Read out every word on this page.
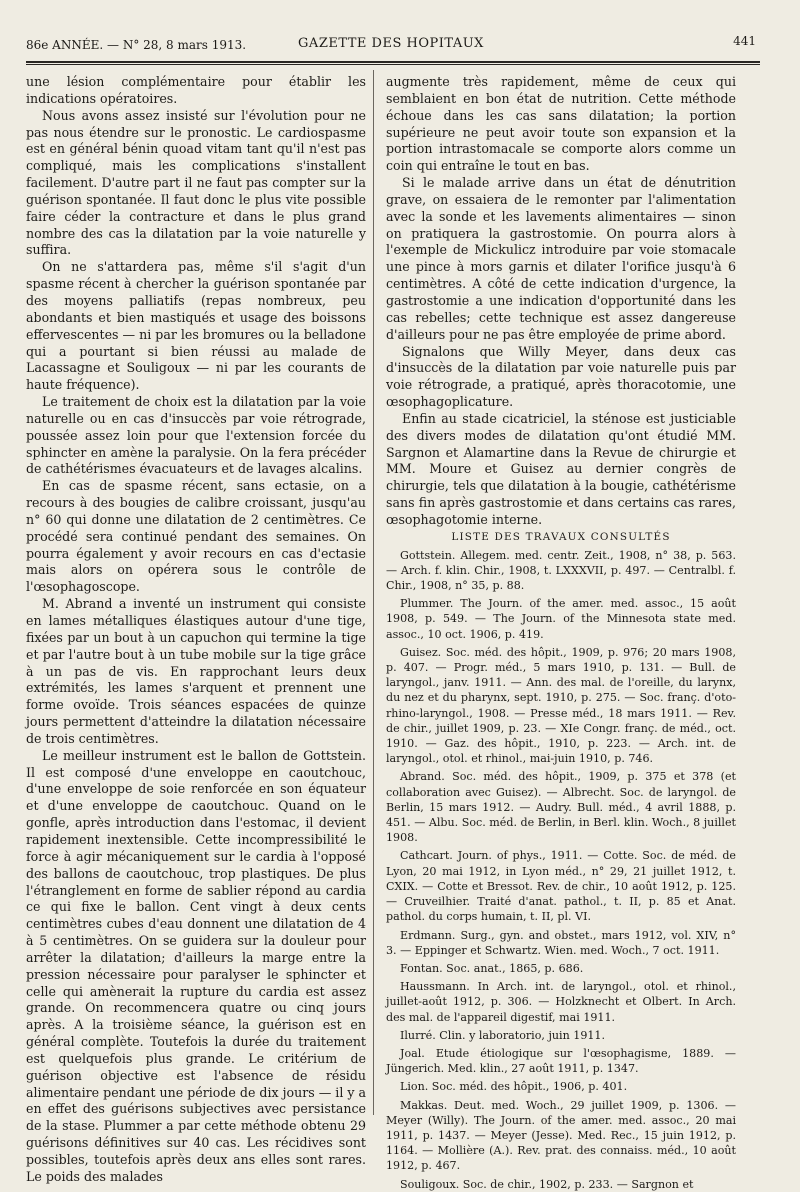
86e ANNÉE. — N° 28, 8 mars 1913.	GAZETTE DES HOPITAUX	441

une lésion complémentaire pour établir les indications opératoires.

Nous avons assez insisté sur l'évolution pour ne pas nous étendre sur le pronostic. Le cardiospasme est en général bénin quoad vitam tant qu'il n'est pas compliqué, mais les complications s'installent facilement. D'autre part il ne faut pas compter sur la guérison spontanée. Il faut donc le plus vite possible faire céder la contracture et dans le plus grand nombre des cas la dilatation par la voie naturelle y suffira.

On ne s'attardera pas, même s'il s'agit d'un spasme récent à chercher la guérison spontanée par des moyens palliatifs (repas nombreux, peu abondants et bien mastiqués et usage des boissons effervescentes — ni par les bromures ou la belladone qui a pourtant si bien réussi au malade de Lacassagne et Souligoux — ni par les courants de haute fréquence).

Le traitement de choix est la dilatation par la voie naturelle ou en cas d'insuccès par voie rétrograde, poussée assez loin pour que l'extension forcée du sphincter en amène la paralysie. On la fera précéder de cathétérismes évacuateurs et de lavages alcalins.

En cas de spasme récent, sans ectasie, on a recours à des bougies de calibre croissant, jusqu'au n° 60 qui donne une dilatation de 2 centimètres. Ce procédé sera continué pendant des semaines. On pourra également y avoir recours en cas d'ectasie mais alors on opérera sous le contrôle de l'œsophagoscope.

M. Abrand a inventé un instrument qui consiste en lames métalliques élastiques autour d'une tige, fixées par un bout à un capuchon qui termine la tige et par l'autre bout à un tube mobile sur la tige grâce à un pas de vis. En rapprochant leurs deux extrémités, les lames s'arquent et prennent une forme ovoïde. Trois séances espacées de quinze jours permettent d'atteindre la dilatation nécessaire de trois centimètres.

Le meilleur instrument est le ballon de Gottstein. Il est composé d'une enveloppe en caoutchouc, d'une enveloppe de soie renforcée en son équateur et d'une enveloppe de caoutchouc. Quand on le gonfle, après introduction dans l'estomac, il devient rapidement inextensible. Cette incompressibilité le force à agir mécaniquement sur le cardia à l'opposé des ballons de caoutchouc, trop plastiques. De plus l'étranglement en forme de sablier répond au cardia ce qui fixe le ballon. Cent vingt à deux cents centimètres cubes d'eau donnent une dilatation de 4 à 5 centimètres. On se guidera sur la douleur pour arrêter la dilatation; d'ailleurs la marge entre la pression nécessaire pour paralyser le sphincter et celle qui amènerait la rupture du cardia est assez grande. On recommencera quatre ou cinq jours après. A la troisième séance, la guérison est en général complète. Toutefois la durée du traitement est quelquefois plus grande. Le critérium de guérison objective est l'absence de résidu alimentaire pendant une période de dix jours — il y a en effet des guérisons subjectives avec persistance de la stase. Plummer a par cette méthode obtenu 29 guérisons définitives sur 40 cas. Les récidives sont possibles, toutefois après deux ans elles sont rares. Le poids des malades

augmente très rapidement, même de ceux qui semblaient en bon état de nutrition. Cette méthode échoue dans les cas sans dilatation; la portion supérieure ne peut avoir toute son expansion et la portion intrastomacale se comporte alors comme un coin qui entraîne le tout en bas.

Si le malade arrive dans un état de dénutrition grave, on essaiera de le remonter par l'alimentation avec la sonde et les lavements alimentaires — sinon on pratiquera la gastrostomie. On pourra alors à l'exemple de Mickulicz introduire par voie stomacale une pince à mors garnis et dilater l'orifice jusqu'à 6 centimètres. A côté de cette indication d'urgence, la gastrostomie a une indication d'opportunité dans les cas rebelles; cette technique est assez dangereuse d'ailleurs pour ne pas être employée de prime abord.

Signalons que Willy Meyer, dans deux cas d'insuccès de la dilatation par voie naturelle puis par voie rétrograde, a pratiqué, après thoracotomie, une œsophagoplicature.

Enfin au stade cicatriciel, la sténose est justiciable des divers modes de dilatation qu'ont étudié MM. Sargnon et Alamartine dans la Revue de chirurgie et MM. Moure et Guisez au dernier congrès de chirurgie, tels que dilatation à la bougie, cathétérisme sans fin après gastrostomie et dans certains cas rares, œsophagotomie interne.

LISTE DES TRAVAUX CONSULTÉS

Gottstein. Allegem. med. centr. Zeit., 1908, n° 38, p. 563. — Arch. f. klin. Chir., 1908, t. LXXXVII, p. 497. — Centralbl. f. Chir., 1908, n° 35, p. 88.

Plummer. The Journ. of the amer. med. assoc., 15 août 1908, p. 549. — The Journ. of the Minnesota state med. assoc., 10 oct. 1906, p. 419.

Guisez. Soc. méd. des hôpit., 1909, p. 976; 20 mars 1908, p. 407. — Progr. méd., 5 mars 1910, p. 131. — Bull. de laryngol., janv. 1911. — Ann. des mal. de l'oreille, du larynx, du nez et du pharynx, sept. 1910, p. 275. — Soc. franç. d'oto-rhino-laryngol., 1908. — Presse méd., 18 mars 1911. — Rev. de chir., juillet 1909, p. 23. — XIe Congr. franç. de méd., oct. 1910. — Gaz. des hôpit., 1910, p. 223. — Arch. int. de laryngol., otol. et rhinol., mai-juin 1910, p. 746.

Abrand. Soc. méd. des hôpit., 1909, p. 375 et 378 (et collaboration avec Guisez). — Albrecht. Soc. de laryngol. de Berlin, 15 mars 1912. — Audry. Bull. méd., 4 avril 1888, p. 451. — Albu. Soc. méd. de Berlin, in Berl. klin. Woch., 8 juillet 1908.

Cathcart. Journ. of phys., 1911. — Cotte. Soc. de méd. de Lyon, 20 mai 1912, in Lyon méd., n° 29, 21 juillet 1912, t. CXIX. — Cotte et Bressot. Rev. de chir., 10 août 1912, p. 125. — Cruveilhier. Traité d'anat. pathol., t. II, p. 85 et Anat. pathol. du corps humain, t. II, pl. VI.

Erdmann. Surg., gyn. and obstet., mars 1912, vol. XIV, n° 3. — Eppinger et Schwartz. Wien. med. Woch., 7 oct. 1911.

Fontan. Soc. anat., 1865, p. 686.

Haussmann. In Arch. int. de laryngol., otol. et rhinol., juillet-août 1912, p. 306. — Holzknecht et Olbert. In Arch. des mal. de l'appareil digestif, mai 1911.

Ilurré. Clin. y laboratorio, juin 1911.

Joal. Etude étiologique sur l'œsophagisme, 1889. — Jüngerich. Med. klin., 27 août 1911, p. 1347.

Lion. Soc. méd. des hôpit., 1906, p. 401.

Makkas. Deut. med. Woch., 29 juillet 1909, p. 1306. — Meyer (Willy). The Journ. of the amer. med. assoc., 20 mai 1911, p. 1437. — Meyer (Jesse). Med. Rec., 15 juin 1912, p. 1164. — Mollière (A.). Rev. prat. des connaiss. méd., 10 août 1912, p. 467.

Souligoux. Soc. de chir., 1902, p. 233. — Sargnon et
